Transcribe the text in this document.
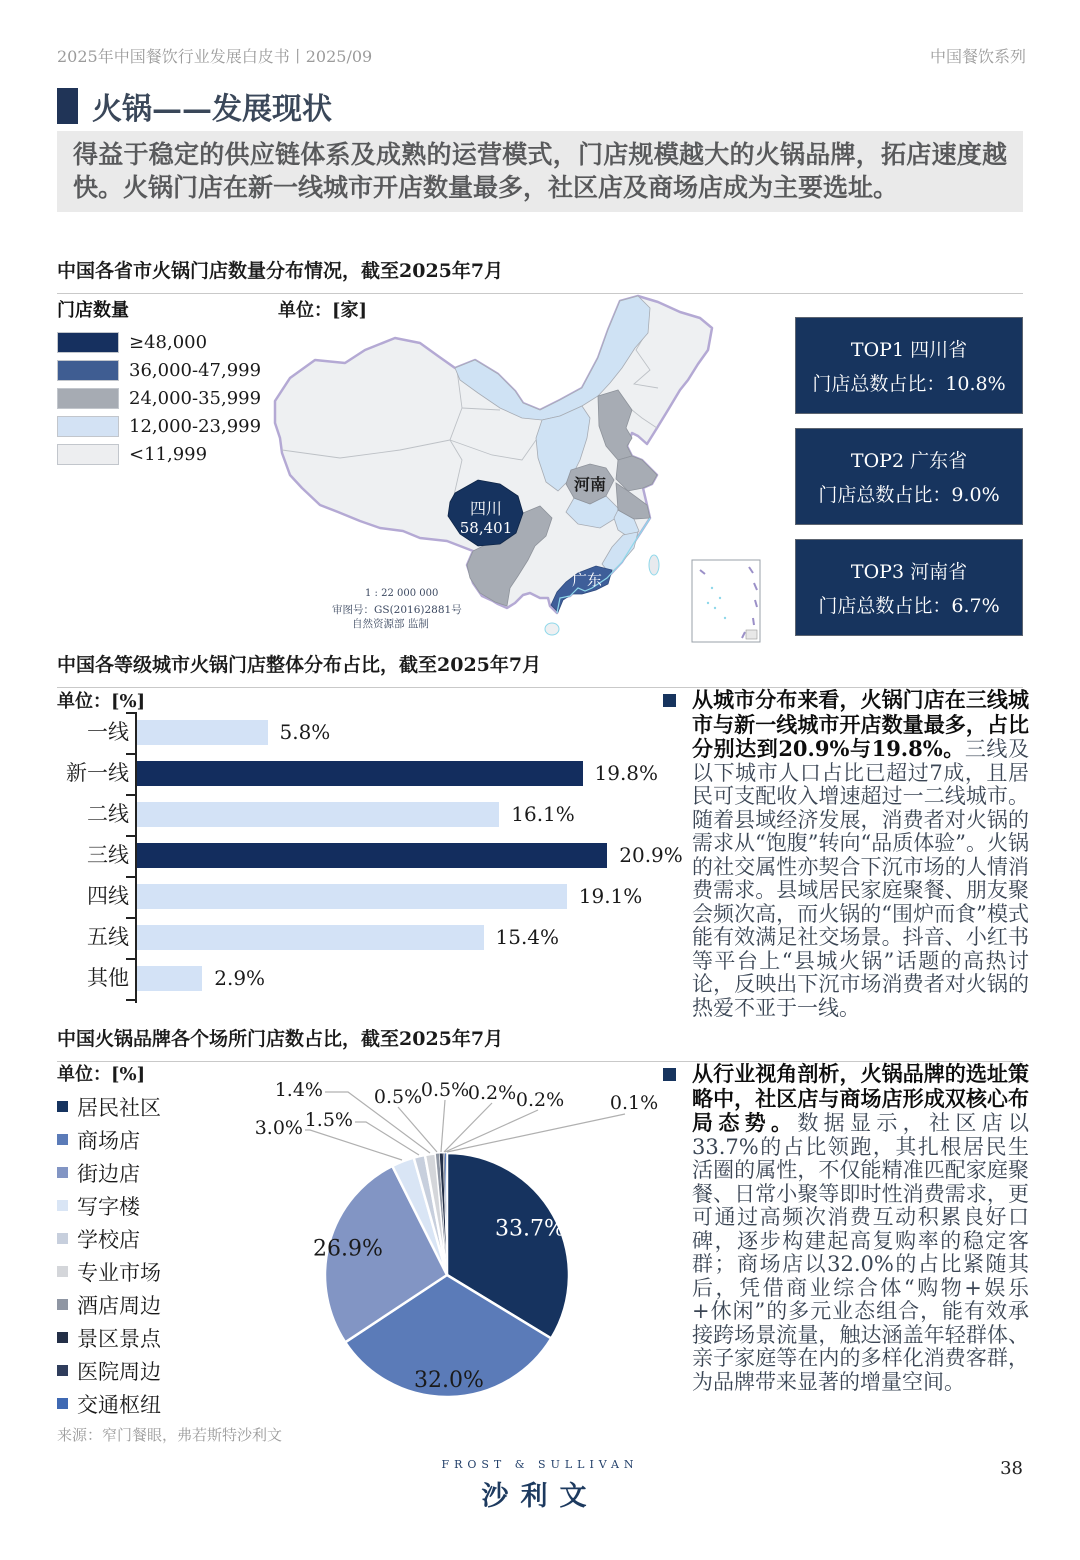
2025年中国餐饮行业发展白皮书丨2025/09	中国餐饮系列
火锅——发展现状
得益于稳定的供应链体系及成熟的运营模式，门店规模越大的火锅品牌，拓店速度越快。火锅门店在新一线城市开店数量最多，社区店及商场店成为主要选址。
中国各省市火锅门店数量分布情况，截至2025年7月
门店数量
≥48,000
36,000-47,999
24,000-35,999
12,000-23,999
<11,999
单位：[家]
四川
58,401
河南
广东
1 : 22 000 000
审图号：GS(2016)2881号
自然资源部 监制
TOP1 四川省
门店总数占比：10.8%
TOP2 广东省
门店总数占比：9.0%
TOP3 河南省
门店总数占比：6.7%
中国各等级城市火锅门店整体分布占比，截至2025年7月
单位：[%]
一线	5.8%
新一线	19.8%
二线	16.1%
三线	20.9%
四线	19.1%
五线	15.4%
其他	2.9%
从城市分布来看，火锅门店在三线城市与新一线城市开店数量最多，占比分别达到20.9%与19.8%。三线及以下城市人口占比已超过7成，且居民可支配收入增速超过一二线城市。随着县域经济发展，消费者对火锅的需求从“饱腹”转向“品质体验”。火锅的社交属性亦契合下沉市场的人情消费需求。县域居民家庭聚餐、朋友聚会频次高，而火锅的“围炉而食”模式能有效满足社交场景。抖音、小红书等平台上“县城火锅”话题的高热讨论，反映出下沉市场消费者对火锅的热爱不亚于一线。
中国火锅品牌各个场所门店数占比，截至2025年7月
单位：[%]
居民社区
商场店
街边店
写字楼
学校店
专业市场
酒店周边
景区景点
医院周边
交通枢纽
33.7%
32.0%
26.9%
3.0% 1.5%
1.4%	0.5%
0.5%
0.2% 0.2% 0.1%
从行业视角剖析，火锅品牌的选址策略中，社区店与商场店形成双核心布局态势。数据显示，社区店以33.7%的占比领跑，其扎根居民生活圈的属性，不仅能精准匹配家庭聚餐、日常小聚等即时性消费需求，更可通过高频次消费互动积累良好口碑，逐步构建起高复购率的稳定客群；商场店以32.0%的占比紧随其后，凭借商业综合体“购物+娱乐+休闲”的多元业态组合，能有效承接跨场景流量，触达涵盖年轻群体、亲子家庭等在内的多样化消费客群，为品牌带来显著的增量空间。
来源：窄门餐眼，弗若斯特沙利文
FROST & SULLIVAN
沙利文
38
